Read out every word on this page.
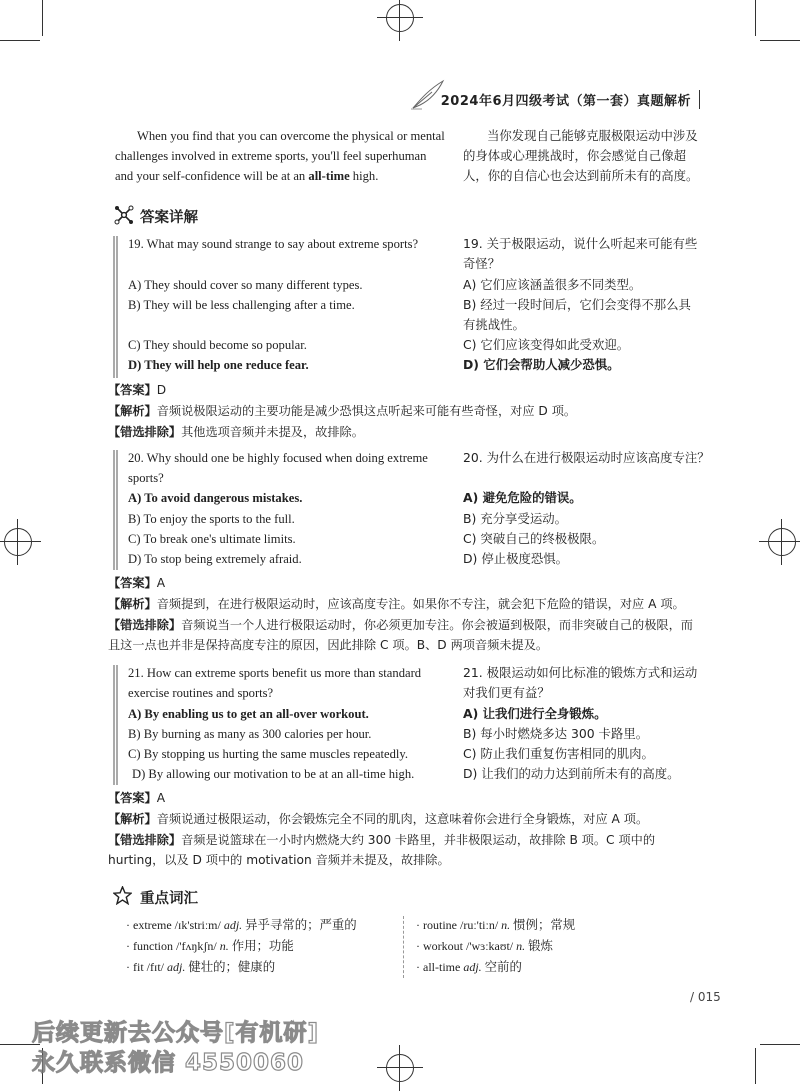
2024年6月四级考试（第一套）真题解析
When you find that you can overcome the physical or mental challenges involved in extreme sports, you'll feel superhuman and your self-confidence will be at an all-time high.
当你发现自己能够克服极限运动中涉及的身体或心理挑战时，你会感觉自己像超人，你的自信心也会达到前所未有的高度。
答案详解
19. What may sound strange to say about extreme sports?	19. 关于极限运动，说什么听起来可能有些奇怪？
A) They should cover so many different types.	A) 它们应该涵盖很多不同类型。
B) They will be less challenging after a time.	B) 经过一段时间后，它们会变得不那么具有挑战性。
C) They should become so popular.	C) 它们应该变得如此受欢迎。
D) They will help one reduce fear.	D) 它们会帮助人减少恐惧。
【答案】D
【解析】音频说极限运动的主要功能是减少恐惧这点听起来可能有些奇怪，对应 D 项。
【错选排除】其他选项音频并未提及，故排除。
20. Why should one be highly focused when doing extreme sports?
20. 为什么在进行极限运动时应该高度专注？
A) To avoid dangerous mistakes.	A) 避免危险的错误。
B) To enjoy the sports to the full.	B) 充分享受运动。
C) To break one's ultimate limits.	C) 突破自己的终极极限。
D) To stop being extremely afraid.	D) 停止极度恐惧。
【答案】A
【解析】音频提到，在进行极限运动时，应该高度专注。如果你不专注，就会犯下危险的错误，对应 A 项。
【错选排除】音频说当一个人进行极限运动时，你必须更加专注。你会被逼到极限，而非突破自己的极限，而且这一点也并非是保持高度专注的原因，因此排除 C 项。B、D 两项音频未提及。
21. How can extreme sports benefit us more than standard exercise routines and sports?
21. 极限运动如何比标准的锻炼方式和运动对我们更有益？
A) By enabling us to get an all-over workout.	A) 让我们进行全身锻炼。
B) By burning as many as 300 calories per hour.	B) 每小时燃烧多达 300 卡路里。
C) By stopping us hurting the same muscles repeatedly.	C) 防止我们重复伤害相同的肌肉。
D) By allowing our motivation to be at an all-time high.	D) 让我们的动力达到前所未有的高度。
【答案】A
【解析】音频说通过极限运动，你会锻炼完全不同的肌肉，这意味着你会进行全身锻炼，对应 A 项。
【错选排除】音频是说篮球在一小时内燃烧大约 300 卡路里，并非极限运动，故排除 B 项。C 项中的 hurting，以及 D 项中的 motivation 音频并未提及，故排除。
重点词汇
· extreme /ɪk'striːm/ adj. 异乎寻常的；严重的
· function /'fʌŋkʃn/ n. 作用；功能
· fit /fɪt/ adj. 健壮的；健康的
· routine /ruː'tiːn/ n. 惯例；常规
· workout /'wɜːkaʊt/ n. 锻炼
· all-time adj. 空前的
/ 015
后续更新去公众号[有机研]
永久联系微信 4550060
